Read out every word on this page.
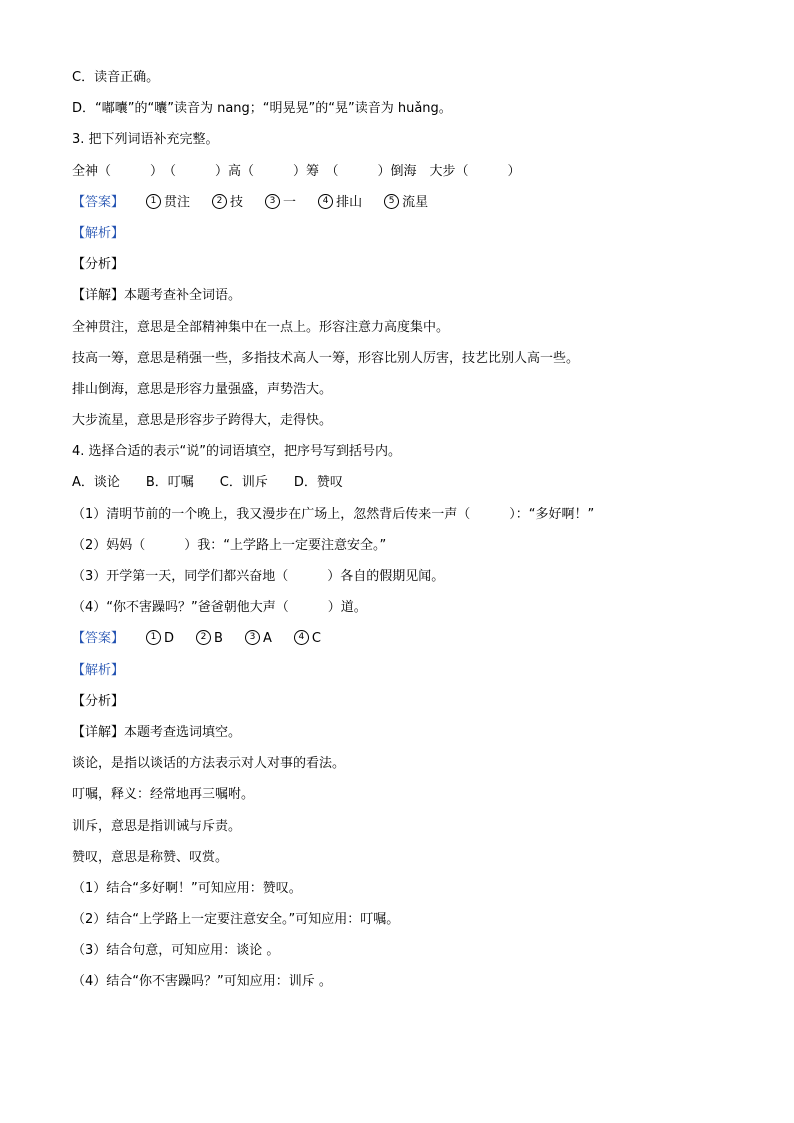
C．读音正确。
D．“嘟囔”的“囔”读音为 nang；“明晃晃”的“晃”读音为 huǎng。
3. 把下列词语补充完整。
全神（　　　）　（　　　）高（　　　）筹　（　　　）倒海　大步（　　　）
【答案】	1 贯注	2 技	3 一	4 排山	5 流星
【解析】
【分析】
【详解】本题考查补全词语。
全神贯注，意思是全部精神集中在一点上。形容注意力高度集中。
技高一筹，意思是稍强一些，多指技术高人一筹，形容比别人厉害，技艺比别人高一些。
排山倒海，意思是形容力量强盛，声势浩大。
大步流星，意思是形容步子跨得大，走得快。
4. 选择合适的表示“说”的词语填空，把序号写到括号内。
A．谈论　　B．叮嘱　　C．训斥　　D．赞叹
（1）清明节前的一个晚上，我又漫步在广场上，忽然背后传来一声（　　　）：“多好啊！”
（2）妈妈（　　　）我：“上学路上一定要注意安全。”
（3）开学第一天，同学们都兴奋地（　　　）各自的假期见闻。
（4）“你不害躁吗？”爸爸朝他大声（　　　）道。
【答案】	1 D	2 B	3 A	4 C
【解析】
【分析】
【详解】本题考查选词填空。
谈论，是指以谈话的方法表示对人对事的看法。
叮嘱，释义：经常地再三嘱咐。
训斥，意思是指训诫与斥责。
赞叹，意思是称赞、叹赏。
（1）结合“多好啊！”可知应用：赞叹。
（2）结合“上学路上一定要注意安全。”可知应用：叮嘱。
（3）结合句意，可知应用：谈论 。
（4）结合“你不害躁吗？”可知应用：训斥 。
